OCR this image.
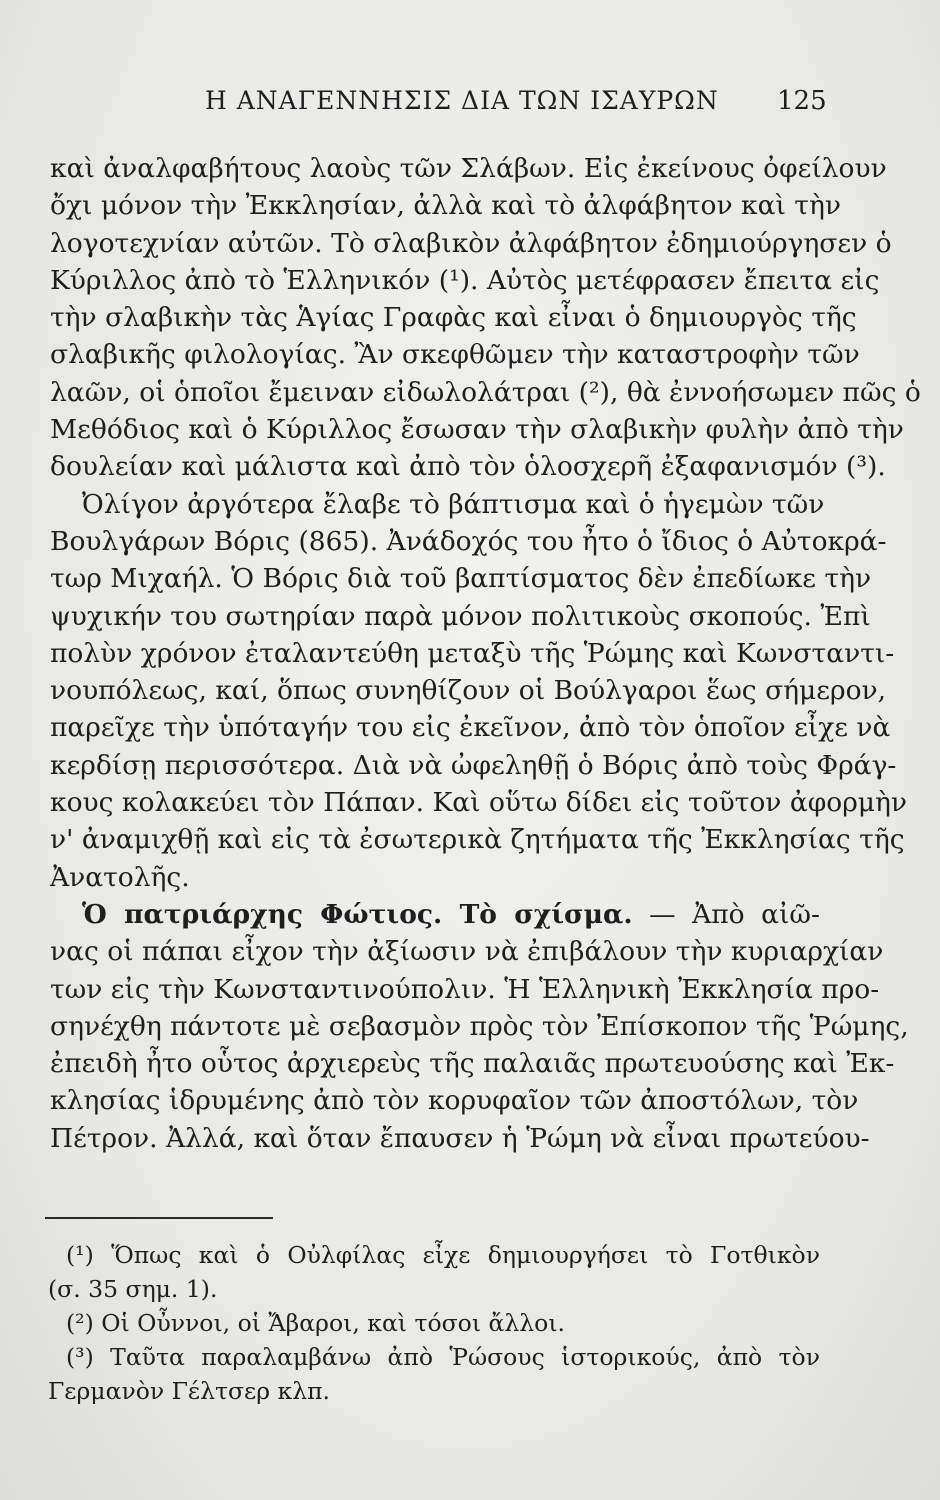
Η ΑΝΑΓΕΝΝΗΣΙΣ ΔΙΑ ΤΩΝ ΙΣΑΥΡΩΝ 125
καὶ ἀναλφαβήτους λαοὺς τῶν Σλάβων. Εἰς ἐκείνους ὀφείλουν
ὄχι μόνον τὴν Ἐκκλησίαν, ἀλλὰ καὶ τὸ ἀλφάβητον καὶ τὴν
λογοτεχνίαν αὐτῶν. Τὸ σλαβικὸν ἀλφάβητον ἐδημιούργησεν ὁ
Κύριλλος ἀπὸ τὸ Ἑλληνικόν (¹). Αὐτὸς μετέφρασεν ἔπειτα εἰς
τὴν σλαβικὴν τὰς Ἁγίας Γραφὰς καὶ εἶναι ὁ δημιουργὸς τῆς
σλαβικῆς φιλολογίας. Ἂν σκεφθῶμεν τὴν καταστροφὴν τῶν
λαῶν, οἱ ὁποῖοι ἔμειναν εἰδωλολάτραι (²), θὰ ἐννοήσωμεν πῶς ὁ
Μεθόδιος καὶ ὁ Κύριλλος ἔσωσαν τὴν σλαβικὴν φυλὴν ἀπὸ τὴν
δουλείαν καὶ μάλιστα καὶ ἀπὸ τὸν ὁλοσχερῆ ἐξαφανισμόν (³).
Ὀλίγον ἀργότερα ἔλαβε τὸ βάπτισμα καὶ ὁ ἡγεμὼν τῶν
Βουλγάρων Βόρις (865). Ἀνάδοχός του ἦτο ὁ ἴδιος ὁ Αὐτοκρά-
τωρ Μιχαήλ. Ὁ Βόρις διὰ τοῦ βαπτίσματος δὲν ἐπεδίωκε τὴν
ψυχικήν του σωτηρίαν παρὰ μόνον πολιτικοὺς σκοπούς. Ἐπὶ
πολὺν χρόνον ἐταλαντεύθη μεταξὺ τῆς Ῥώμης καὶ Κωνσταντι-
νουπόλεως, καί, ὅπως συνηθίζουν οἱ Βούλγαροι ἕως σήμερον,
παρεῖχε τὴν ὑπόταγήν του εἰς ἐκεῖνον, ἀπὸ τὸν ὁποῖον εἶχε νὰ
κερδίσῃ περισσότερα. Διὰ νὰ ὠφεληθῇ ὁ Βόρις ἀπὸ τοὺς Φράγ-
κους κολακεύει τὸν Πάπαν. Καὶ οὕτω δίδει εἰς τοῦτον ἀφορμὴν
ν' ἀναμιχθῇ καὶ εἰς τὰ ἐσωτερικὰ ζητήματα τῆς Ἐκκλησίας τῆς
Ἀνατολῆς.
Ὁ πατριάρχης Φώτιος. Τὸ σχίσμα. — Ἀπὸ αἰῶ-
νας οἱ πάπαι εἶχον τὴν ἀξίωσιν νὰ ἐπιβάλουν τὴν κυριαρχίαν
των εἰς τὴν Κωνσταντινούπολιν. Ἡ Ἑλληνικὴ Ἐκκλησία προ-
σηνέχθη πάντοτε μὲ σεβασμὸν πρὸς τὸν Ἐπίσκοπον τῆς Ῥώμης,
ἐπειδὴ ἦτο οὗτος ἀρχιερεὺς τῆς παλαιᾶς πρωτευούσης καὶ Ἐκ-
κλησίας ἱδρυμένης ἀπὸ τὸν κορυφαῖον τῶν ἀποστόλων, τὸν
Πέτρον. Ἀλλά, καὶ ὅταν ἔπαυσεν ἡ Ῥώμη νὰ εἶναι πρωτεύου-
(¹) Ὅπως καὶ ὁ Οὐλφίλας εἶχε δημιουργήσει τὸ Γοτθικὸν
(σ. 35 σημ. 1).
(²) Οἱ Οὖννοι, οἱ Ἄβαροι, καὶ τόσοι ἄλλοι.
(³) Ταῦτα παραλαμβάνω ἀπὸ Ῥώσους ἱστορικούς, ἀπὸ τὸν
Γερμανὸν Γέλτσερ κλπ.
